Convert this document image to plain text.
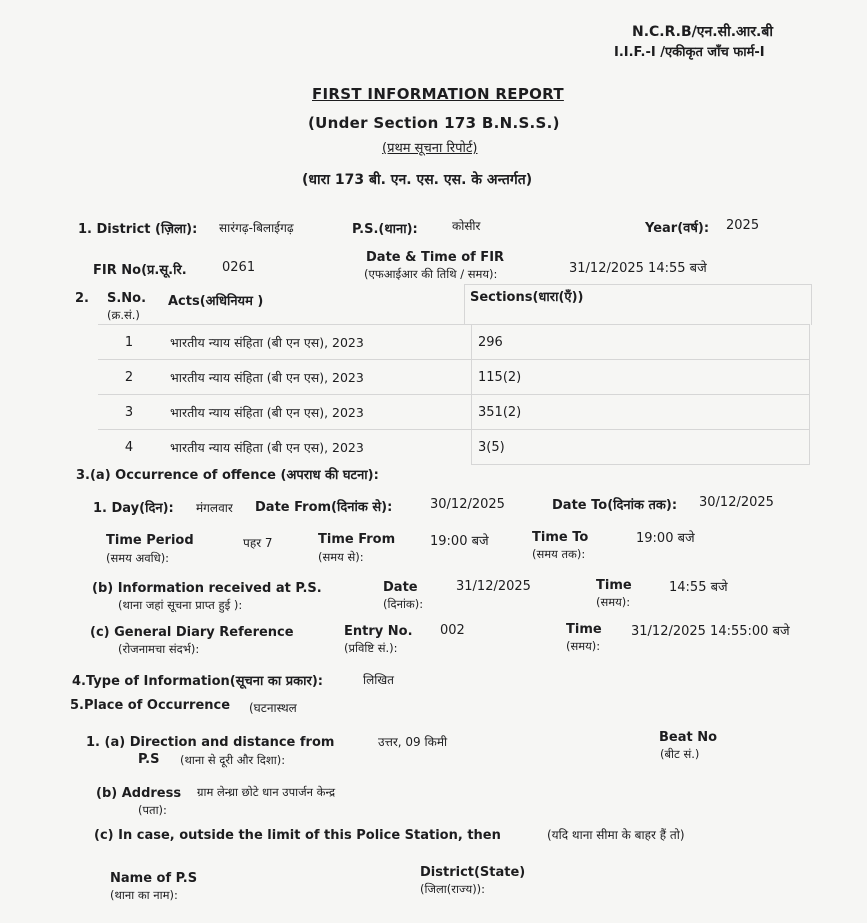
N.C.R.B/एन.सी.आर.बी
I.I.F.-I /एकीकृत जाँच फार्म-I
FIRST INFORMATION REPORT
(Under Section 173 B.N.S.S.)
(प्रथम सूचना रिपोर्ट)
(धारा 173 बी. एन. एस. एस. के अन्तर्गत)
1. District (ज़िला): सारंगढ़-बिलाईगढ़	P.S.(थाना):	कोसीर	Year(वर्ष): 2025
FIR No(प्र.सू.रि.	0261
Date & Time of FIR
(एफआईआर की तिथि / समय):	31/12/2025 14:55 बजे
2. S.No.
(क्र.सं.)
Acts(अधिनियम )	Sections(धारा(एँ))
1	भारतीय न्याय संहिता (बी एन एस), 2023	296
2	भारतीय न्याय संहिता (बी एन एस), 2023	115(2)
3	भारतीय न्याय संहिता (बी एन एस), 2023	351(2)
4	भारतीय न्याय संहिता (बी एन एस), 2023	3(5)
3.(a) Occurrence of offence (अपराध की घटना):
1. Day(दिन): मंगलवार Date From(दिनांक से):	30/12/2025	Date To(दिनांक तक): 30/12/2025
Time Period
(समय अवधि):
पहर 7	Time From
(समय से):
19:00 बजे	Time To
(समय तक):
19:00 बजे
(b) Information received at P.S.
(थाना जहां सूचना प्राप्त हुई ):
Date
(दिनांक):
31/12/2025	Time
(समय):
14:55 बजे
(c) General Diary Reference
(रोजनामचा संदर्भ):
Entry No.
(प्रविष्टि सं.):
002	Time
(समय):
31/12/2025 14:55:00 बजे
4.Type of Information(सूचना का प्रकार):	लिखित
5.Place of Occurrence (घटनास्थल
1. (a) Direction and distance from
P.S (थाना से दूरी और दिशा):
उत्तर, 09 किमी	Beat No
(बीट सं.)
(b) Address ग्राम लेन्ध्रा छोटे धान उपार्जन केन्द्र
(पता):
(c) In case, outside the limit of this Police Station, then	(यदि थाना सीमा के बाहर हैं तो)
Name of P.S
(थाना का नाम):
District(State)
(जिला(राज्य)):
